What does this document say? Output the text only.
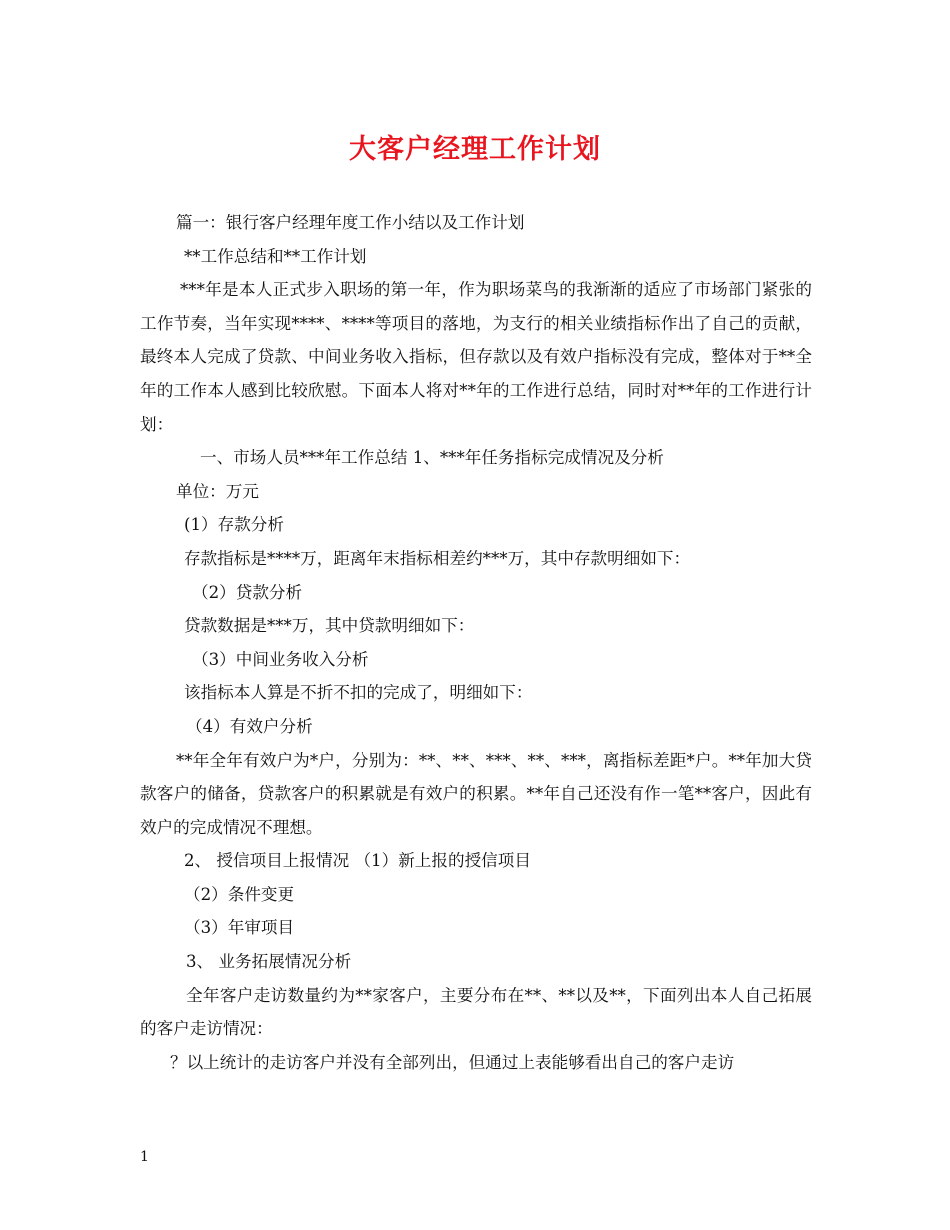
大客户经理工作计划

篇一：银行客户经理年度工作小结以及工作计划

**工作总结和**工作计划

***年是本人正式步入职场的第一年，作为职场菜鸟的我渐渐的适应了市场部门紧张的工作节奏，当年实现****、****等项目的落地，为支行的相关业绩指标作出了自己的贡献，最终本人完成了贷款、中间业务收入指标，但存款以及有效户指标没有完成，整体对于**全年的工作本人感到比较欣慰。下面本人将对**年的工作进行总结，同时对**年的工作进行计划：

一、市场人员***年工作总结 1、***年任务指标完成情况及分析

单位：万元

(1）存款分析

存款指标是****万，距离年末指标相差约***万，其中存款明细如下：

（2）贷款分析

贷款数据是***万，其中贷款明细如下：

（3）中间业务收入分析

该指标本人算是不折不扣的完成了，明细如下：

（4）有效户分析

**年全年有效户为*户，分别为：**、**、***、**、***，离指标差距*户。**年加大贷款客户的储备，贷款客户的积累就是有效户的积累。**年自己还没有作一笔**客户，因此有效户的完成情况不理想。

2、 授信项目上报情况 （1）新上报的授信项目

（2）条件变更

（3）年审项目

3、 业务拓展情况分析

全年客户走访数量约为**家客户，主要分布在**、**以及**，下面列出本人自己拓展的客户走访情况：

？以上统计的走访客户并没有全部列出，但通过上表能够看出自己的客户走访

1
